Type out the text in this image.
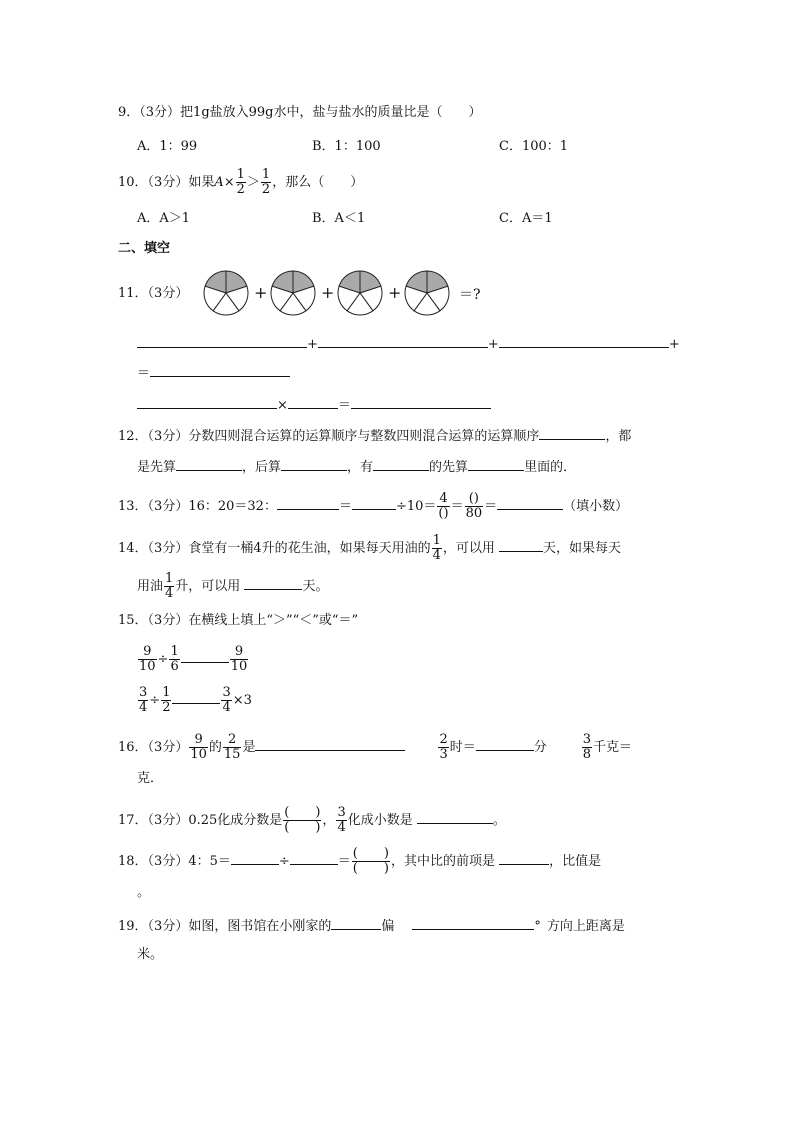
9．（3分）把1g盐放入99g水中，盐与盐水的质量比是（　　）
A．1：99	B．1：100	C．100：1
10．（3分）如果$A\times \frac{1}{2} > \frac{1}{2}$ ，那么（　　）
A．A＞1	B．A＜1	C．A＝1
二、填空
11．（3分）	+	+	+	＝?
+	+	+
＝
×	＝
12．（3分）分数四则混合运算的运算顺序与整数四则混合运算的运算顺序	，都
是先算	，后算	，有	的先算	里面的．
13．（3分）16：20＝32：	＝	$\div 10= \frac{4}{()} = \frac{()}{80}$ ＝	（填小数）
14．（3分）食堂有一桶4升的花生油，如果每天用油的 $\frac{1}{4}$ ，可以用	天，如果每天
用油 $\frac{1}{4}$ 升，可以用	天。
15．（3分）在横线上填上“＞”“＜”或“＝”
$\frac{9}{10} \div \frac{1}{6}$	$\frac{9}{10}$
$\frac{3}{4} \div \frac{1}{2}$	$\frac{3}{4} \times 3$
16．（3分） $\frac{9}{10}$ 的 $\frac{2}{15}$ 是	$\frac{2}{3}$ 时＝	分	$\frac{3}{8}$ 千克＝
克．
17．（3分）0.25化成分数是 $\frac{( )}{( )}$ ， $\frac{3}{4}$ 化成小数是	。
18．（3分）4：5＝	÷	＝ $\frac{( )}{( )}$ ，其中比的前项是	，比值是
。
19．（3分）如图，图书馆在小刚家的	偏	° 方向上距离是
米。
